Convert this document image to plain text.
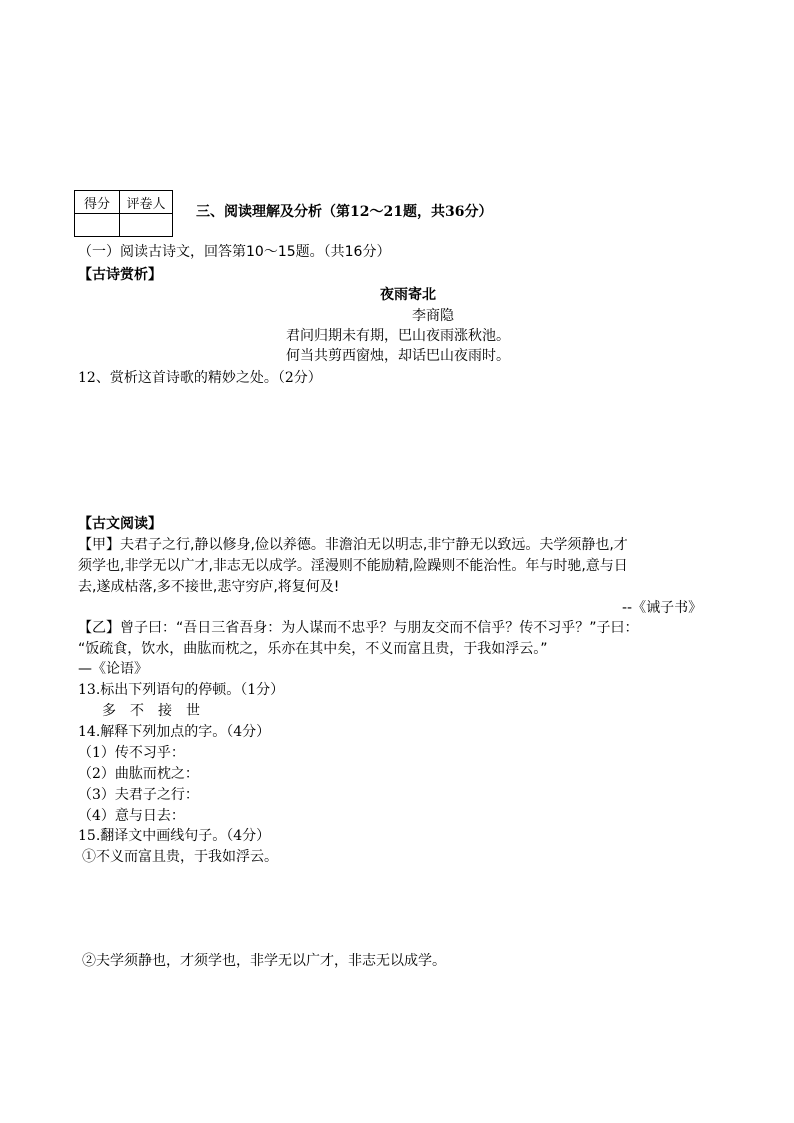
得分	评卷人
	三、阅读理解及分析（第12～21题，共36分）
（一）阅读古诗文，回答第10～15题。（共16分）
【古诗赏析】
夜雨寄北
李商隐
君问归期未有期，巴山夜雨涨秋池。
何当共剪西窗烛，却话巴山夜雨时。
12、赏析这首诗歌的精妙之处。（2分）
【古文阅读】
【甲】夫君子之行,静以修身,俭以养德。非澹泊无以明志,非宁静无以致远。夫学须静也,才
须学也,非学无以广才,非志无以成学。淫漫则不能励精,险躁则不能治性。年与时驰,意与日
去,遂成枯落,多不接世,悲守穷庐,将复何及!
--《诫子书》
【乙】曾子曰：“吾日三省吾身：为人谋而不忠乎？与朋友交而不信乎？传不习乎？”子曰：
“饭疏食，饮水，曲肱而枕之，乐亦在其中矣，不义而富且贵，于我如浮云。”
—《论语》
13.标出下列语句的停顿。（1分）
多　不　接　世
14.解释下列加点的字。（4分）
（1）传不习乎：
（2）曲肱而枕之：
（3）夫君子之行：
（4）意与日去：
15.翻译文中画线句子。（4分）
①不义而富且贵，于我如浮云。
②夫学须静也，才须学也，非学无以广才，非志无以成学。
